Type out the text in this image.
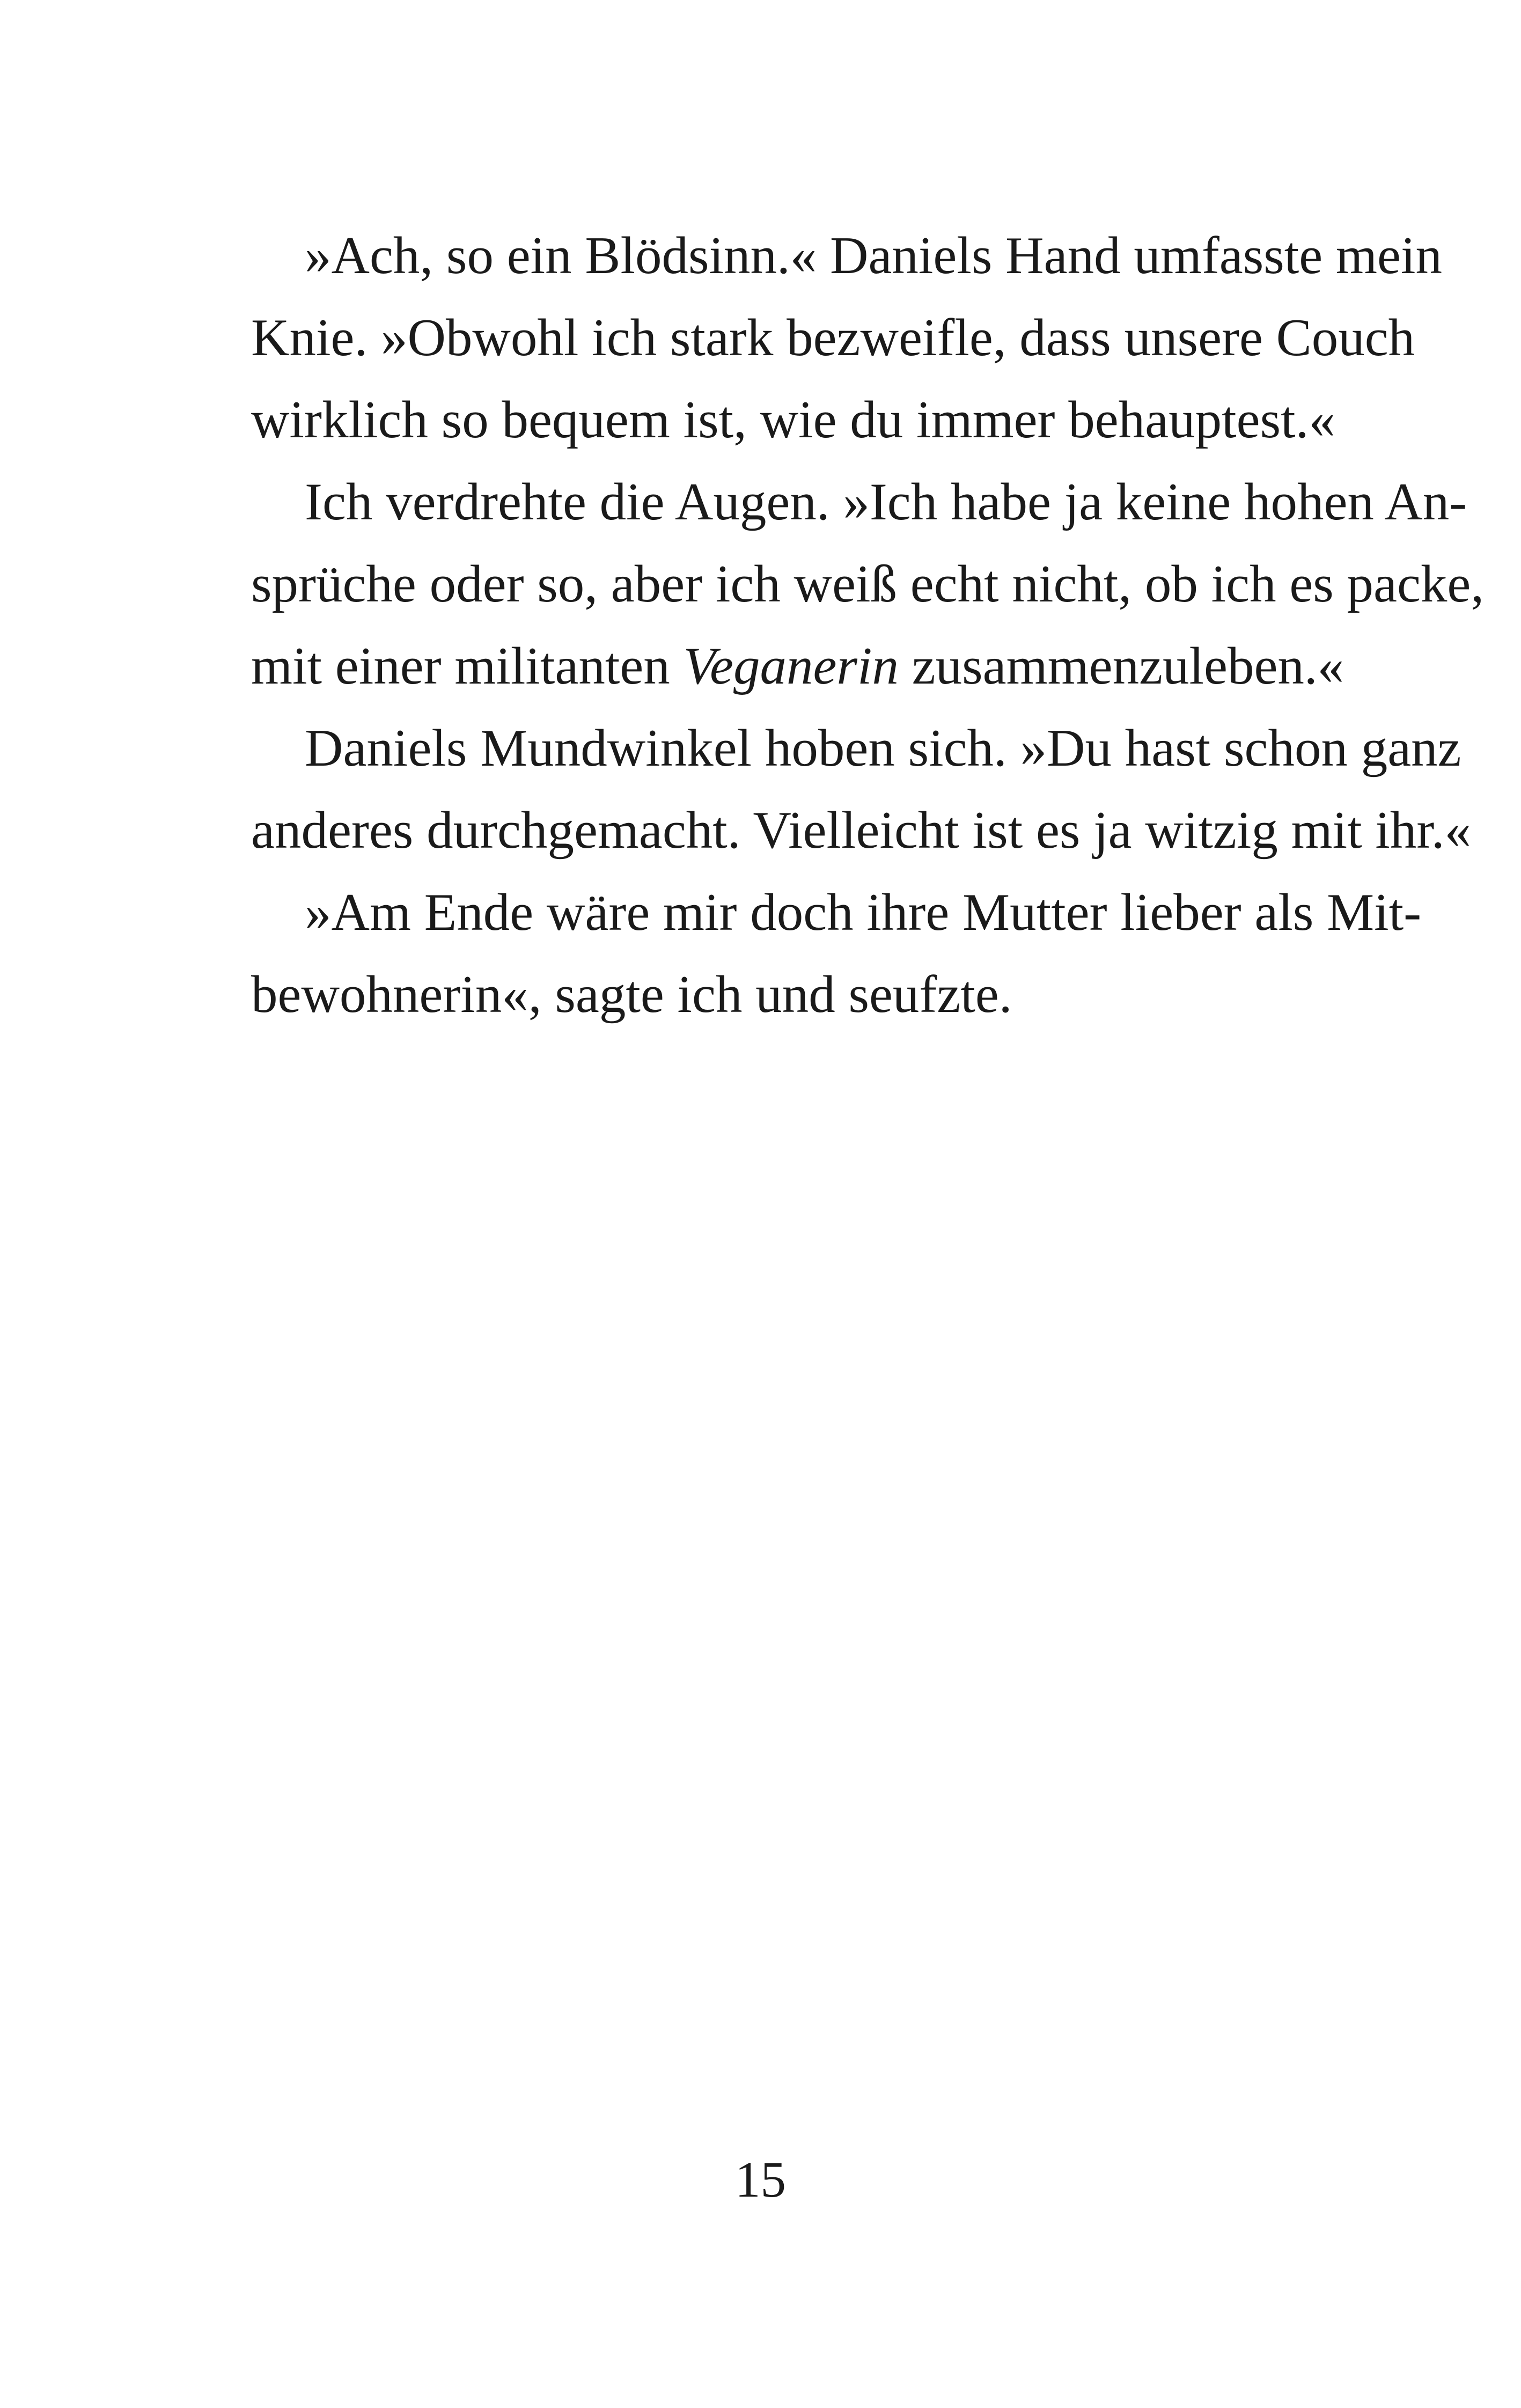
»Ach, so ein Blödsinn.« Daniels Hand umfasste mein
Knie. »Obwohl ich stark bezweifle, dass unsere Couch
wirklich so bequem ist, wie du immer behauptest.«
Ich verdrehte die Augen. »Ich habe ja keine hohen An-
sprüche oder so, aber ich weiß echt nicht, ob ich es packe,
mit einer militanten Veganerin zusammenzuleben.«
Daniels Mundwinkel hoben sich. »Du hast schon ganz
anderes durchgemacht. Vielleicht ist es ja witzig mit ihr.«
»Am Ende wäre mir doch ihre Mutter lieber als Mit-
bewohnerin«, sagte ich und seufzte.
15
